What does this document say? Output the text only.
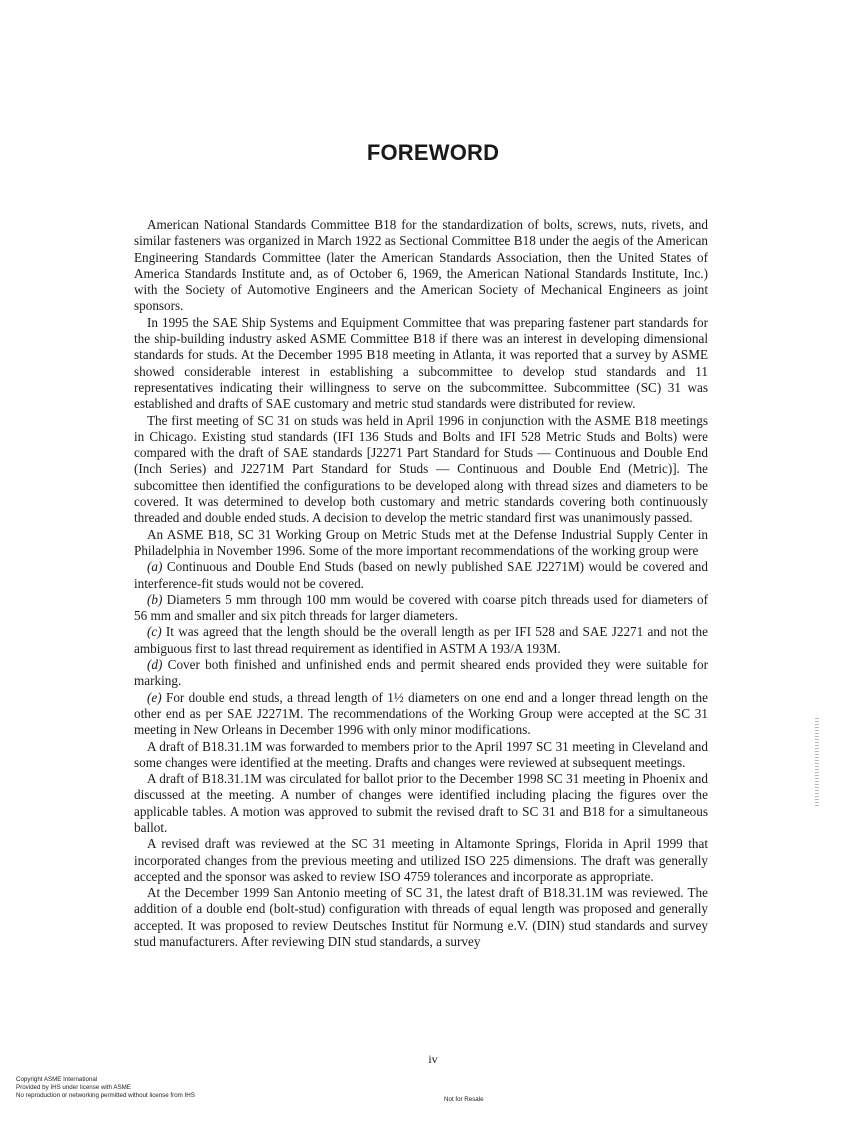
FOREWORD

American National Standards Committee B18 for the standardization of bolts, screws, nuts, rivets, and similar fasteners was organized in March 1922 as Sectional Committee B18 under the aegis of the American Engineering Standards Committee (later the American Standards Association, then the United States of America Standards Institute and, as of October 6, 1969, the American National Standards Institute, Inc.) with the Society of Automotive Engineers and the American Society of Mechanical Engineers as joint sponsors.

In 1995 the SAE Ship Systems and Equipment Committee that was preparing fastener part standards for the ship-building industry asked ASME Committee B18 if there was an interest in developing dimensional standards for studs. At the December 1995 B18 meeting in Atlanta, it was reported that a survey by ASME showed considerable interest in establishing a subcommittee to develop stud standards and 11 representatives indicating their willingness to serve on the subcommittee. Subcommittee (SC) 31 was established and drafts of SAE customary and metric stud standards were distributed for review.

The first meeting of SC 31 on studs was held in April 1996 in conjunction with the ASME B18 meetings in Chicago. Existing stud standards (IFI 136 Studs and Bolts and IFI 528 Metric Studs and Bolts) were compared with the draft of SAE standards [J2271 Part Standard for Studs — Continuous and Double End (Inch Series) and J2271M Part Standard for Studs — Continuous and Double End (Metric)]. The subcomittee then identified the configurations to be developed along with thread sizes and diameters to be covered. It was determined to develop both customary and metric standards covering both continuously threaded and double ended studs. A decision to develop the metric standard first was unanimously passed.

An ASME B18, SC 31 Working Group on Metric Studs met at the Defense Industrial Supply Center in Philadelphia in November 1996. Some of the more important recommendations of the working group were

(a) Continuous and Double End Studs (based on newly published SAE J2271M) would be covered and interference-fit studs would not be covered.

(b) Diameters 5 mm through 100 mm would be covered with coarse pitch threads used for diameters of 56 mm and smaller and six pitch threads for larger diameters.

(c) It was agreed that the length should be the overall length as per IFI 528 and SAE J2271 and not the ambiguous first to last thread requirement as identified in ASTM A 193/A 193M.

(d) Cover both finished and unfinished ends and permit sheared ends provided they were suitable for marking.

(e) For double end studs, a thread length of 1½ diameters on one end and a longer thread length on the other end as per SAE J2271M. The recommendations of the Working Group were accepted at the SC 31 meeting in New Orleans in December 1996 with only minor modifications.

A draft of B18.31.1M was forwarded to members prior to the April 1997 SC 31 meeting in Cleveland and some changes were identified at the meeting. Drafts and changes were reviewed at subsequent meetings.

A draft of B18.31.1M was circulated for ballot prior to the December 1998 SC 31 meeting in Phoenix and discussed at the meeting. A number of changes were identified including placing the figures over the applicable tables. A motion was approved to submit the revised draft to SC 31 and B18 for a simultaneous ballot.

A revised draft was reviewed at the SC 31 meeting in Altamonte Springs, Florida in April 1999 that incorporated changes from the previous meeting and utilized ISO 225 dimensions. The draft was generally accepted and the sponsor was asked to review ISO 4759 tolerances and incorporate as appropriate.

At the December 1999 San Antonio meeting of SC 31, the latest draft of B18.31.1M was reviewed. The addition of a double end (bolt-stud) configuration with threads of equal length was proposed and generally accepted. It was proposed to review Deutsches Institut für Normung e.V. (DIN) stud standards and survey stud manufacturers. After reviewing DIN stud standards, a survey

iv
Copyright ASME International
Provided by IHS under license with ASME
No reproduction or networking permitted without license from IHS
Not for Resale
